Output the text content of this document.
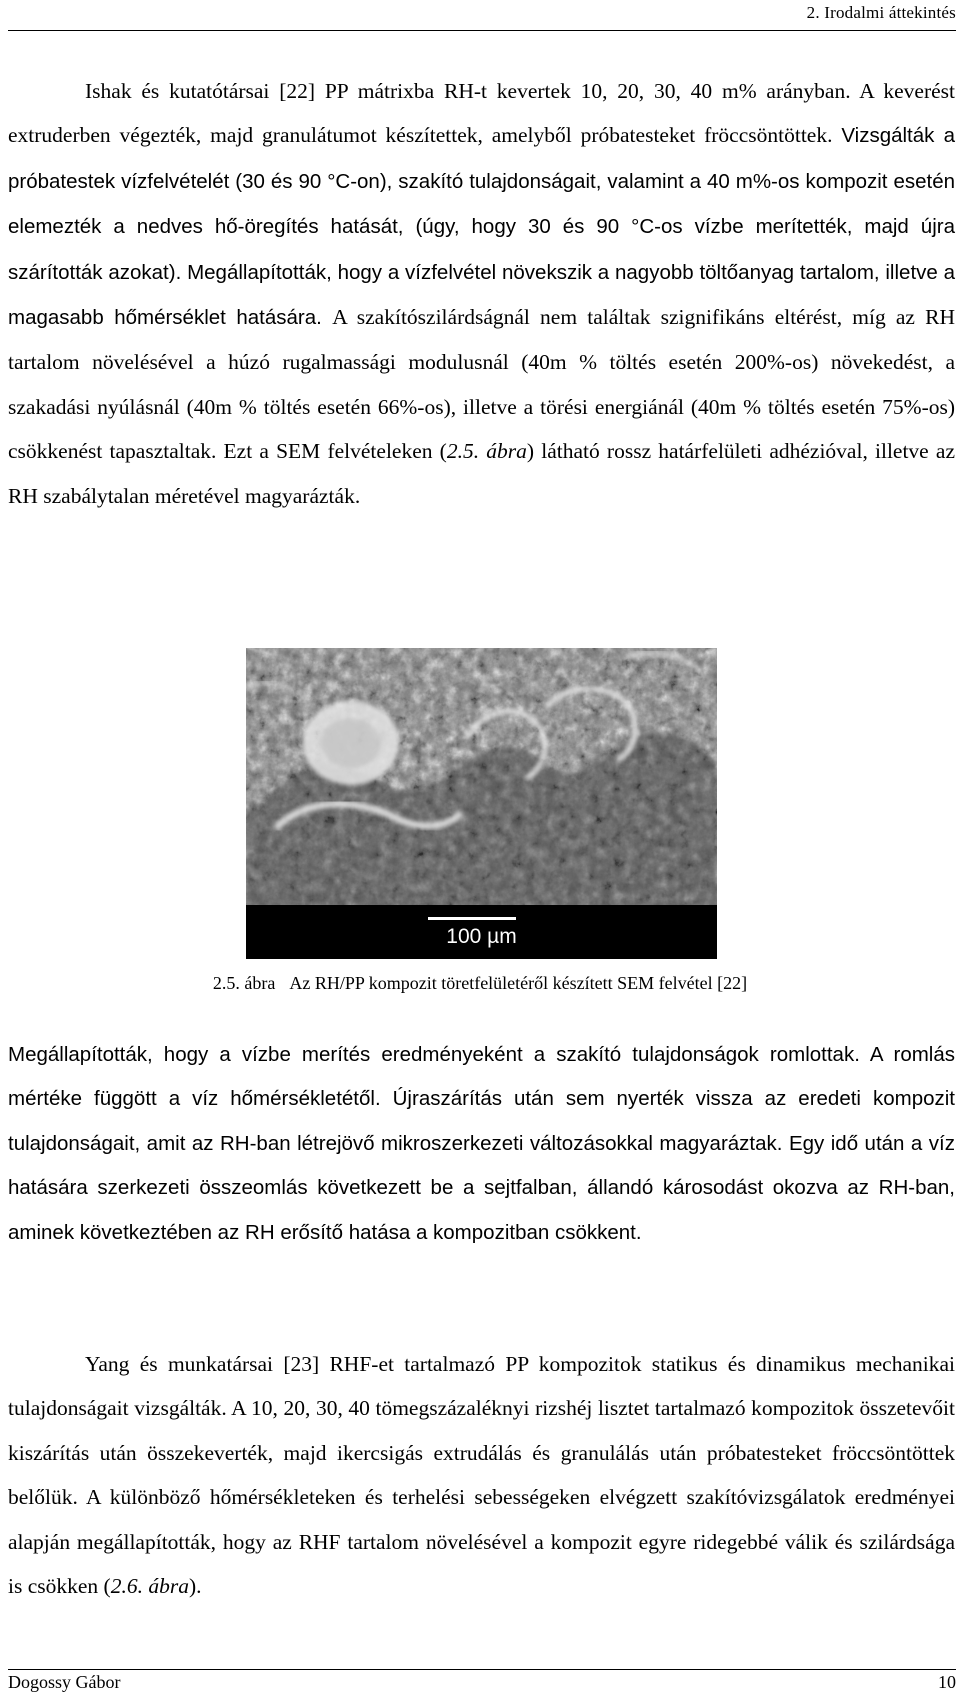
2. Irodalmi áttekintés

Ishak és kutatótársai [22] PP mátrixba RH-t kevertek 10, 20, 30, 40 m% arányban. A keverést extruderben végezték, majd granulátumot készítettek, amelyből próbatesteket fröccsöntöttek. Vizsgálták a próbatestek vízfelvételét (30 és 90 °C-on), szakító tulajdonságait, valamint a 40 m%-os kompozit esetén elemezték a nedves hő-öregítés hatását, (úgy, hogy 30 és 90 °C-os vízbe merítették, majd újra szárították azokat). Megállapították, hogy a vízfelvétel növekszik a nagyobb töltőanyag tartalom, illetve a magasabb hőmérséklet hatására. A szakítószilárdságnál nem találtak szignifikáns eltérést, míg az RH tartalom növelésével a húzó rugalmassági modulusnál (40m % töltés esetén 200%-os) növekedést, a szakadási nyúlásnál (40m % töltés esetén 66%-os), illetve a törési energiánál (40m % töltés esetén 75%-os) csökkenést tapasztaltak. Ezt a SEM felvételeken (2.5. ábra) látható rossz határfelületi adhézióval, illetve az RH szabálytalan méretével magyarázták.

100 µm
2.5. ábra Az RH/PP kompozit töretfelületéről készített SEM felvétel [22]

Megállapították, hogy a vízbe merítés eredményeként a szakító tulajdonságok romlottak. A romlás mértéke függött a víz hőmérsékletétől. Újraszárítás után sem nyerték vissza az eredeti kompozit tulajdonságait, amit az RH-ban létrejövő mikroszerkezeti változásokkal magyaráztak. Egy idő után a víz hatására szerkezeti összeomlás következett be a sejtfalban, állandó károsodást okozva az RH-ban, aminek következtében az RH erősítő hatása a kompozitban csökkent.

Yang és munkatársai [23] RHF-et tartalmazó PP kompozitok statikus és dinamikus mechanikai tulajdonságait vizsgálták. A 10, 20, 30, 40 tömegszázaléknyi rizshéj lisztet tartalmazó kompozitok összetevőit kiszárítás után összekeverték, majd ikercsigás extrudálás és granulálás után próbatesteket fröccsöntöttek belőlük. A különböző hőmérsékleteken és terhelési sebességeken elvégzett szakítóvizsgálatok eredményei alapján megállapították, hogy az RHF tartalom növelésével a kompozit egyre ridegebbé válik és szilárdsága is csökken (2.6. ábra).

Dogossy Gábor	10
